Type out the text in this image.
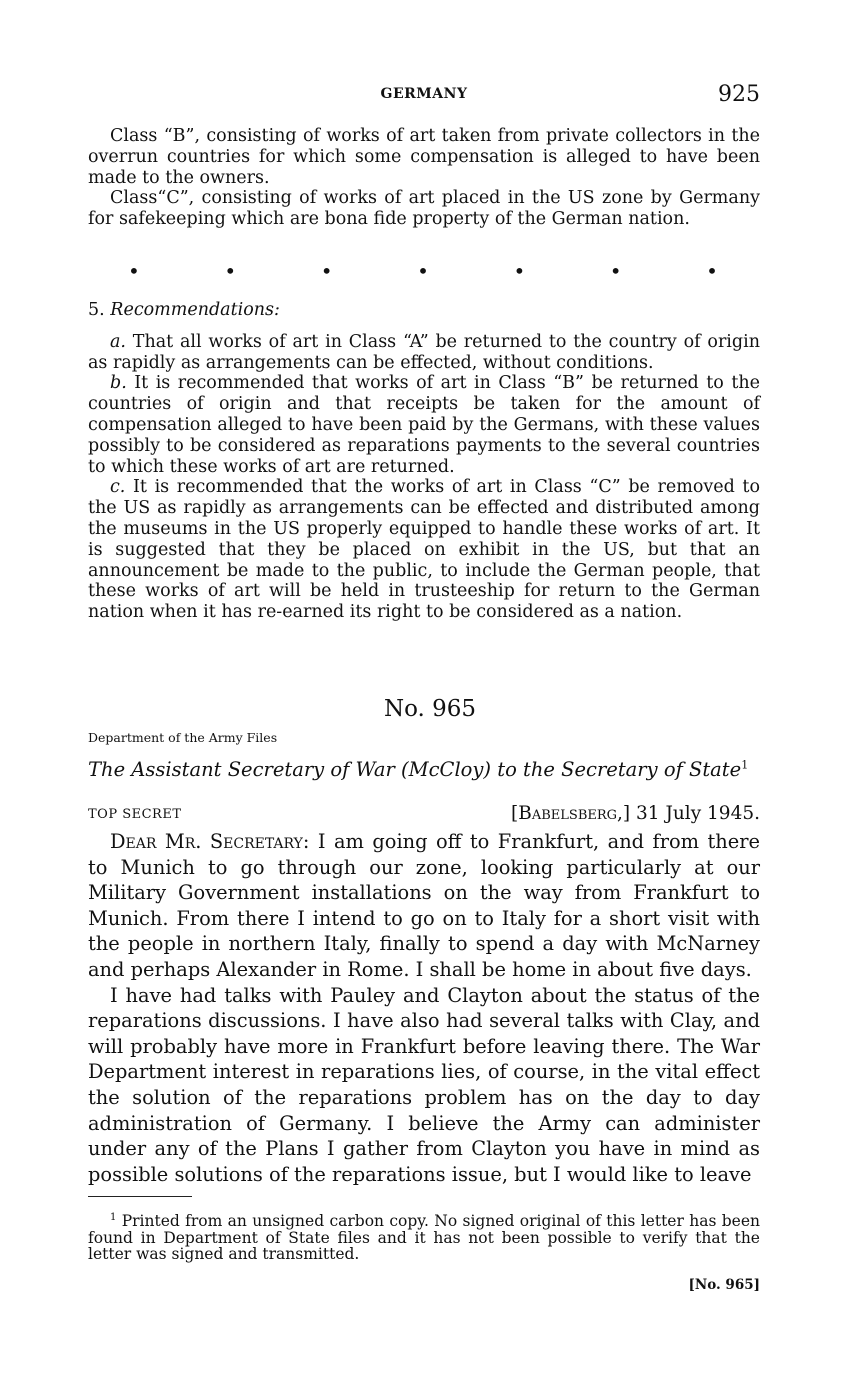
GERMANY	925

Class “B”, consisting of works of art taken from private collectors in the overrun countries for which some compensation is alleged to have been made to the owners.

Class“C”, consisting of works of art placed in the US zone by Germany for safekeeping which are bona fide property of the German nation.

•	•	•	•	•	•	•

5. Recommendations:

a. That all works of art in Class “A” be returned to the country of origin as rapidly as arrangements can be effected, without conditions.

b. It is recommended that works of art in Class “B” be returned to the countries of origin and that receipts be taken for the amount of compensation alleged to have been paid by the Germans, with these values possibly to be considered as reparations payments to the several countries to which these works of art are returned.

c. It is recommended that the works of art in Class “C” be removed to the US as rapidly as arrangements can be effected and distributed among the museums in the US properly equipped to handle these works of art. It is suggested that they be placed on exhibit in the US, but that an announcement be made to the public, to include the German people, that these works of art will be held in trusteeship for return to the German nation when it has re-earned its right to be considered as a nation.

No. 965
Department of the Army Files
The Assistant Secretary of War (McCloy) to the Secretary of State$^1$
TOP SECRET	[Babelsberg,] 31 July 1945.

Dear Mr. Secretary: I am going off to Frankfurt, and from there to Munich to go through our zone, looking particularly at our Military Government installations on the way from Frankfurt to Munich. From there I intend to go on to Italy for a short visit with the people in northern Italy, finally to spend a day with McNarney and perhaps Alexander in Rome. I shall be home in about five days.

I have had talks with Pauley and Clayton about the status of the reparations discussions. I have also had several talks with Clay, and will probably have more in Frankfurt before leaving there. The War Department interest in reparations lies, of course, in the vital effect the solution of the reparations problem has on the day to day administration of Germany. I believe the Army can administer under any of the Plans I gather from Clayton you have in mind as possible solutions of the reparations issue, but I would like to leave

$^1$ Printed from an unsigned carbon copy. No signed original of this letter has been found in Department of State files and it has not been possible to verify that the letter was signed and transmitted.

[No. 965]
